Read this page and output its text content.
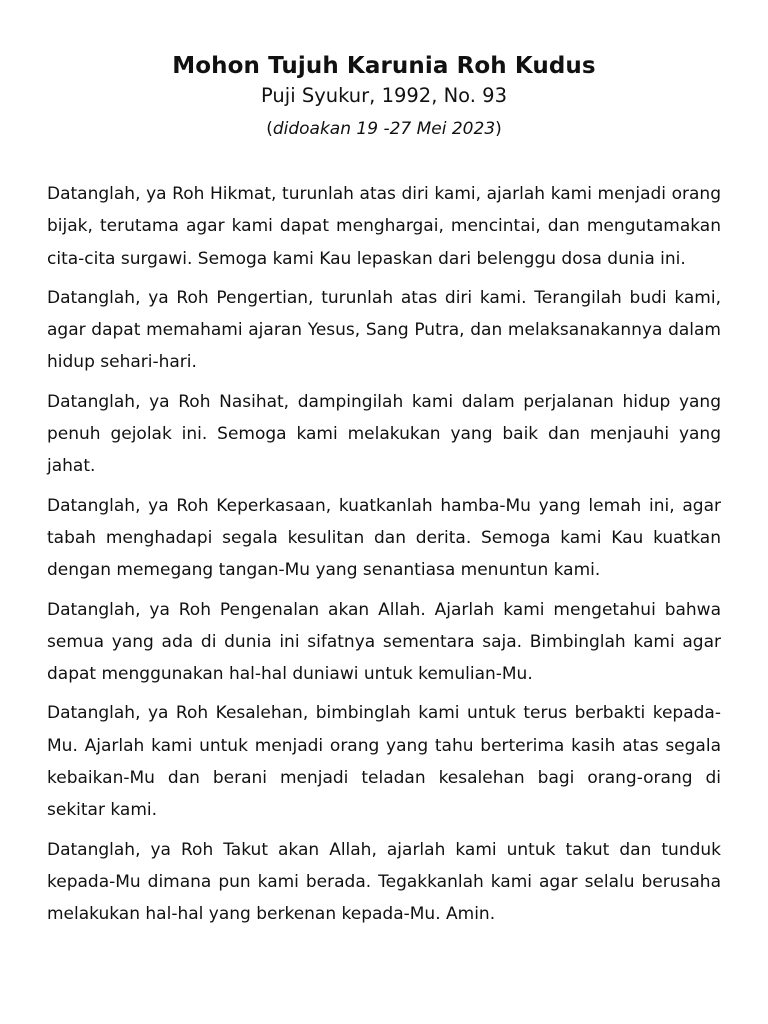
Mohon Tujuh Karunia Roh Kudus

Puji Syukur, 1992, No. 93

(didoakan 19 -27 Mei 2023)

Datanglah, ya Roh Hikmat, turunlah atas diri kami, ajarlah kami menjadi orang bijak, terutama agar kami dapat menghargai, mencintai, dan mengutamakan cita-cita surgawi. Semoga kami Kau lepaskan dari belenggu dosa dunia ini.

Datanglah, ya Roh Pengertian, turunlah atas diri kami. Terangilah budi kami, agar dapat memahami ajaran Yesus, Sang Putra, dan melaksanakannya dalam hidup sehari-hari.

Datanglah, ya Roh Nasihat, dampingilah kami dalam perjalanan hidup yang penuh gejolak ini. Semoga kami melakukan yang baik dan menjauhi yang jahat.

Datanglah, ya Roh Keperkasaan, kuatkanlah hamba-Mu yang lemah ini, agar tabah menghadapi segala kesulitan dan derita. Semoga kami Kau kuatkan dengan memegang tangan-Mu yang senantiasa menuntun kami.

Datanglah, ya Roh Pengenalan akan Allah. Ajarlah kami mengetahui bahwa semua yang ada di dunia ini sifatnya sementara saja. Bimbinglah kami agar dapat menggunakan hal-hal duniawi untuk kemulian-Mu.

Datanglah, ya Roh Kesalehan, bimbinglah kami untuk terus berbakti kepada-Mu. Ajarlah kami untuk menjadi orang yang tahu berterima kasih atas segala kebaikan-Mu dan berani menjadi teladan kesalehan bagi orang-orang di sekitar kami.

Datanglah, ya Roh Takut akan Allah, ajarlah kami untuk takut dan tunduk kepada-Mu dimana pun kami berada. Tegakkanlah kami agar selalu berusaha melakukan hal-hal yang berkenan kepada-Mu. Amin.
